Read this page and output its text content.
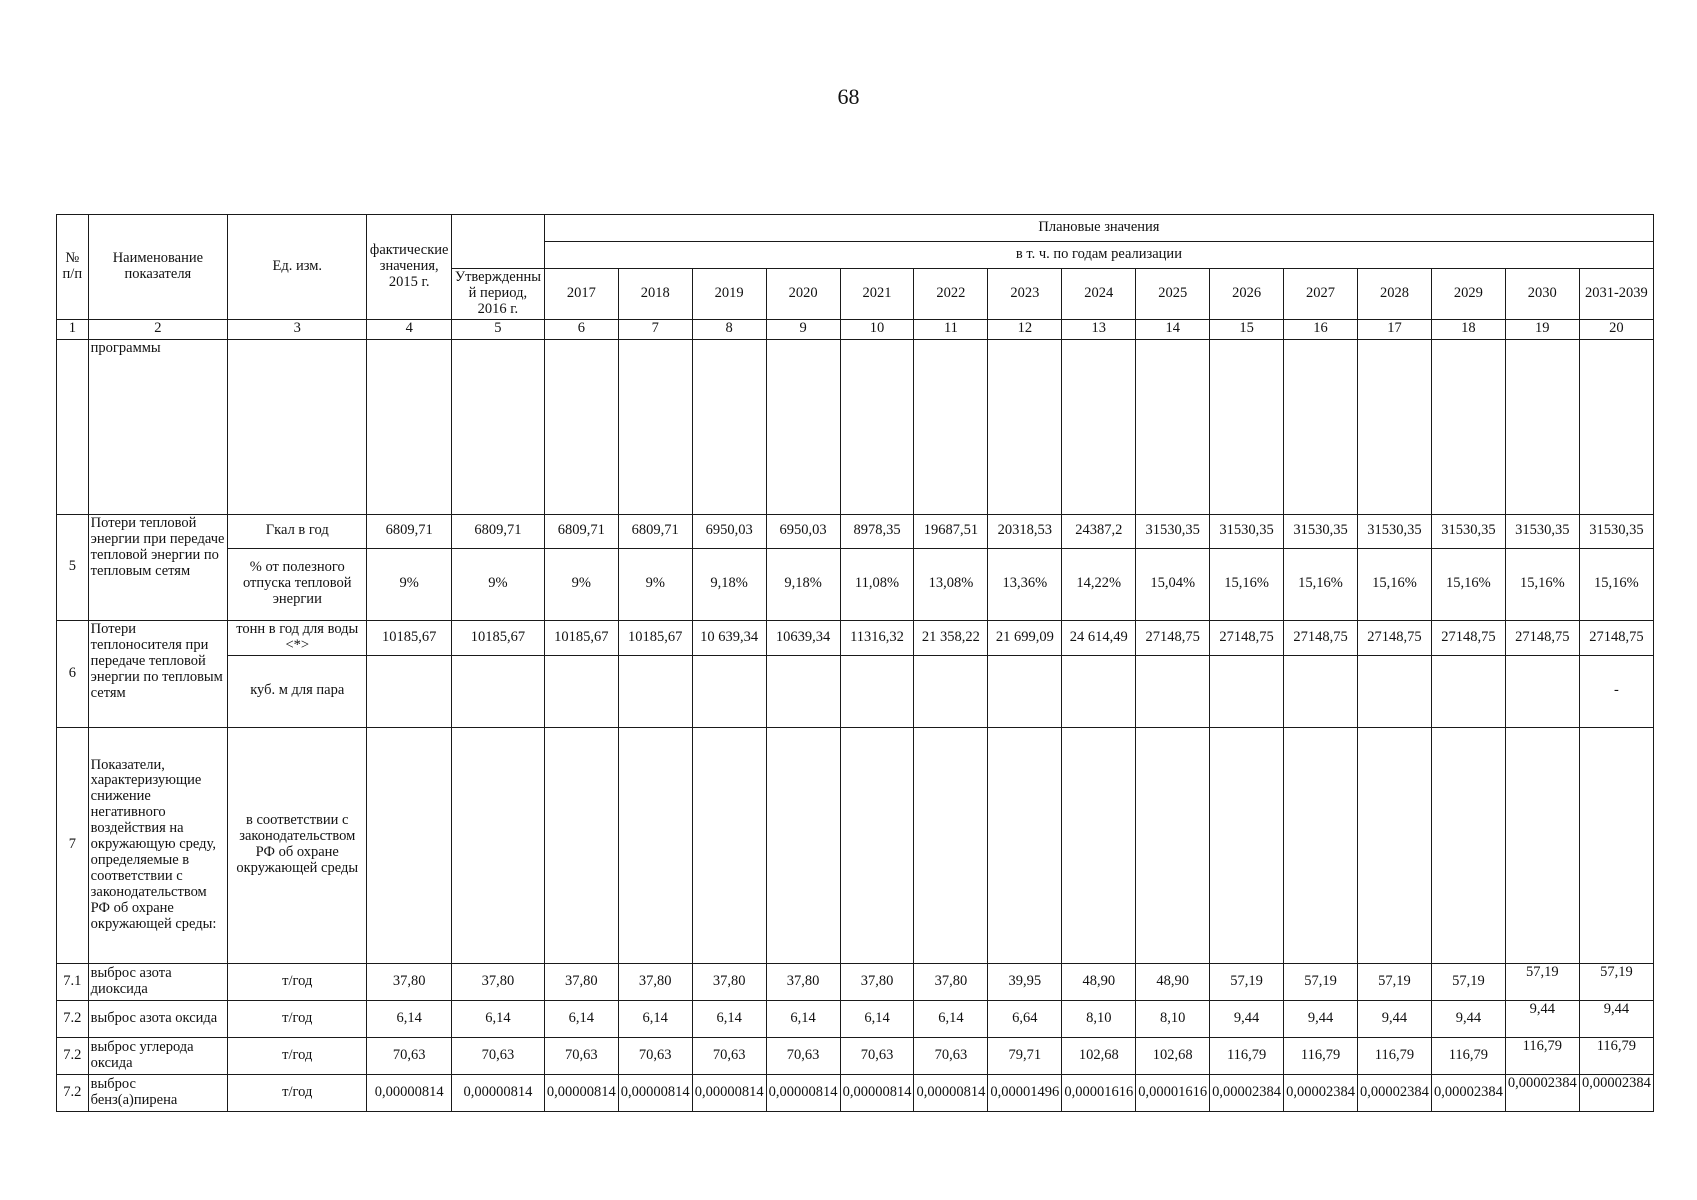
68
№ п/п	Наименование показателя	Ед. изм.	фактические значения, 2015 г.		Плановые значения														
					в т. ч. по годам реализации														
				Утвержденный период, 2016 г.	2017	2018	2019	2020	2021	2022	2023	2024	2025	2026	2027	2028	2029	2030	2031-2039
1	2	3	4	5	6	7	8	9	10	11	12	13	14	15	16	17	18	19	20
	программы																		
5	Потери тепловой энергии при передаче тепловой энергии по тепловым сетям	Гкал в год	6809,71	6809,71	6809,71	6809,71	6950,03	6950,03	8978,35	19687,51	20318,53	24387,2	31530,35	31530,35	31530,35	31530,35	31530,35	31530,35	31530,35
		% от полезного отпуска тепловой энергии	9%	9%	9%	9%	9,18%	9,18%	11,08%	13,08%	13,36%	14,22%	15,04%	15,16%	15,16%	15,16%	15,16%	15,16%	15,16%
6	Потери теплоносителя при передаче тепловой энергии по тепловым сетям	тонн в год для воды <*>	10185,67	10185,67	10185,67	10185,67	10 639,34	10639,34	11316,32	21 358,22	21 699,09	24 614,49	27148,75	27148,75	27148,75	27148,75	27148,75	27148,75	27148,75
		куб. м для пара																	-
7	Показатели, характеризующие снижение негативного воздействия на окружающую среду, определяемые в соответствии с законодательством РФ об охране окружающей среды:	в соответствии с законодательством РФ об охране окружающей среды																	
7.1	выброс азота диоксида	т/год	37,80	37,80	37,80	37,80	37,80	37,80	37,80	37,80	39,95	48,90	48,90	57,19	57,19	57,19	57,19	57,19	57,19
7.2	выброс азота оксида	т/год	6,14	6,14	6,14	6,14	6,14	6,14	6,14	6,14	6,64	8,10	8,10	9,44	9,44	9,44	9,44	9,44	9,44
7.2	выброс углерода оксида	т/год	70,63	70,63	70,63	70,63	70,63	70,63	70,63	70,63	79,71	102,68	102,68	116,79	116,79	116,79	116,79	116,79	116,79
7.2	выброс бенз(а)пирена	т/год	0,00000814	0,00000814	0,00000814	0,00000814	0,00000814	0,00000814	0,00000814	0,00000814	0,00001496	0,00001616	0,00001616	0,00002384	0,00002384	0,00002384	0,00002384	0,00002384	0,00002384
